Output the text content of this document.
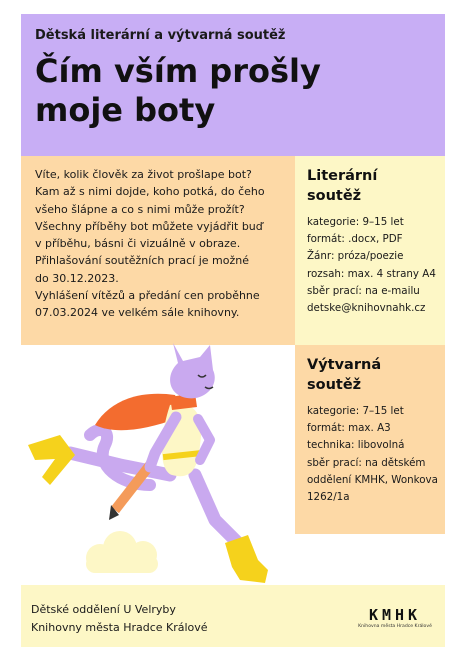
Dětská literární a výtvarná soutěž
Čím vším prošly
moje boty
Víte, kolik člověk za život prošlape bot?
Kam až s nimi dojde, koho potká, do čeho
všeho šlápne a co s nimi může prožít?
Všechny příběhy bot můžete vyjádřit buď
v příběhu, básni či vizuálně v obraze.
Přihlašování soutěžních prací je možné
do 30.12.2023.
Vyhlášení vítězů a předání cen proběhne
07.03.2024 ve velkém sále knihovny.
Literární
soutěž
kategorie: 9–15 let
formát: .docx, PDF
Žánr: próza/poezie
rozsah: max. 4 strany A4
sběr prací: na e-mailu
detske@knihovnahk.cz
Výtvarná
soutěž
kategorie: 7–15 let
formát: max. A3
technika: libovolná
sběr prací: na dětském oddělení KMHK, Wonkova 1262/1a
Dětské oddělení U Velryby
Knihovny města Hradce Králové
KMHK
Knihovna města Hradce Králové
